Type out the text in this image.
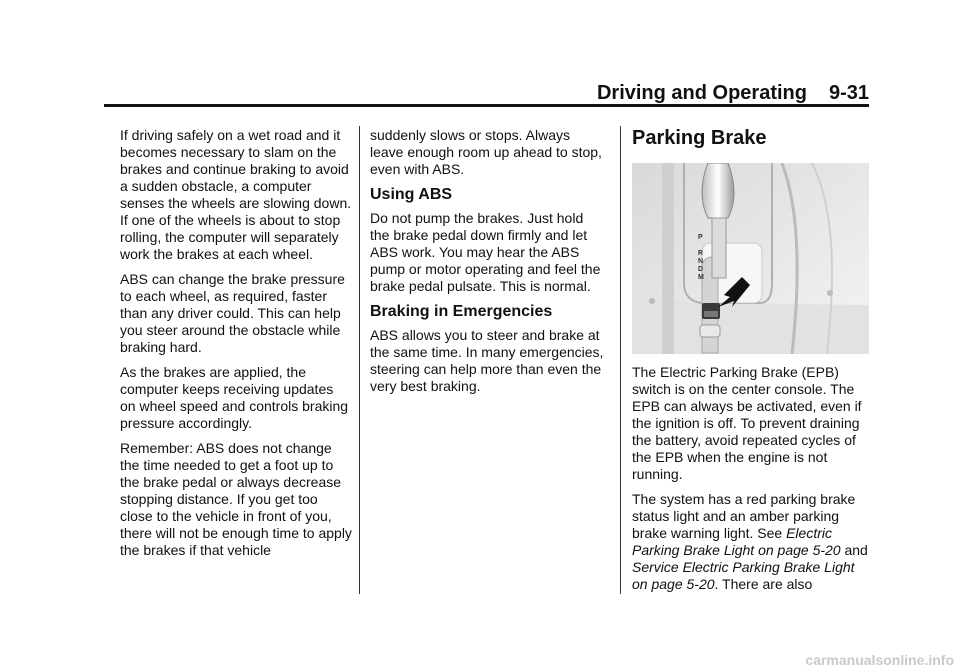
Driving and Operating 9-31

If driving safely on a wet road and it becomes necessary to slam on the brakes and continue braking to avoid a sudden obstacle, a computer senses the wheels are slowing down. If one of the wheels is about to stop rolling, the computer will separately work the brakes at each wheel.

ABS can change the brake pressure to each wheel, as required, faster than any driver could. This can help you steer around the obstacle while braking hard.

As the brakes are applied, the computer keeps receiving updates on wheel speed and controls braking pressure accordingly.

Remember: ABS does not change the time needed to get a foot up to the brake pedal or always decrease stopping distance. If you get too close to the vehicle in front of you, there will not be enough time to apply the brakes if that vehicle

suddenly slows or stops. Always leave enough room up ahead to stop, even with ABS.

Using ABS

Do not pump the brakes. Just hold the brake pedal down firmly and let ABS work. You may hear the ABS pump or motor operating and feel the brake pedal pulsate. This is normal.

Braking in Emergencies

ABS allows you to steer and brake at the same time. In many emergencies, steering can help more than even the very best braking.

Parking Brake
P
R
N
D
M

The Electric Parking Brake (EPB) switch is on the center console. The EPB can always be activated, even if the ignition is off. To prevent draining the battery, avoid repeated cycles of the EPB when the engine is not running.

The system has a red parking brake status light and an amber parking brake warning light. See Electric Parking Brake Light on page 5-20 and Service Electric Parking Brake Light on page 5-20. There are also

carmanualsonline.info
